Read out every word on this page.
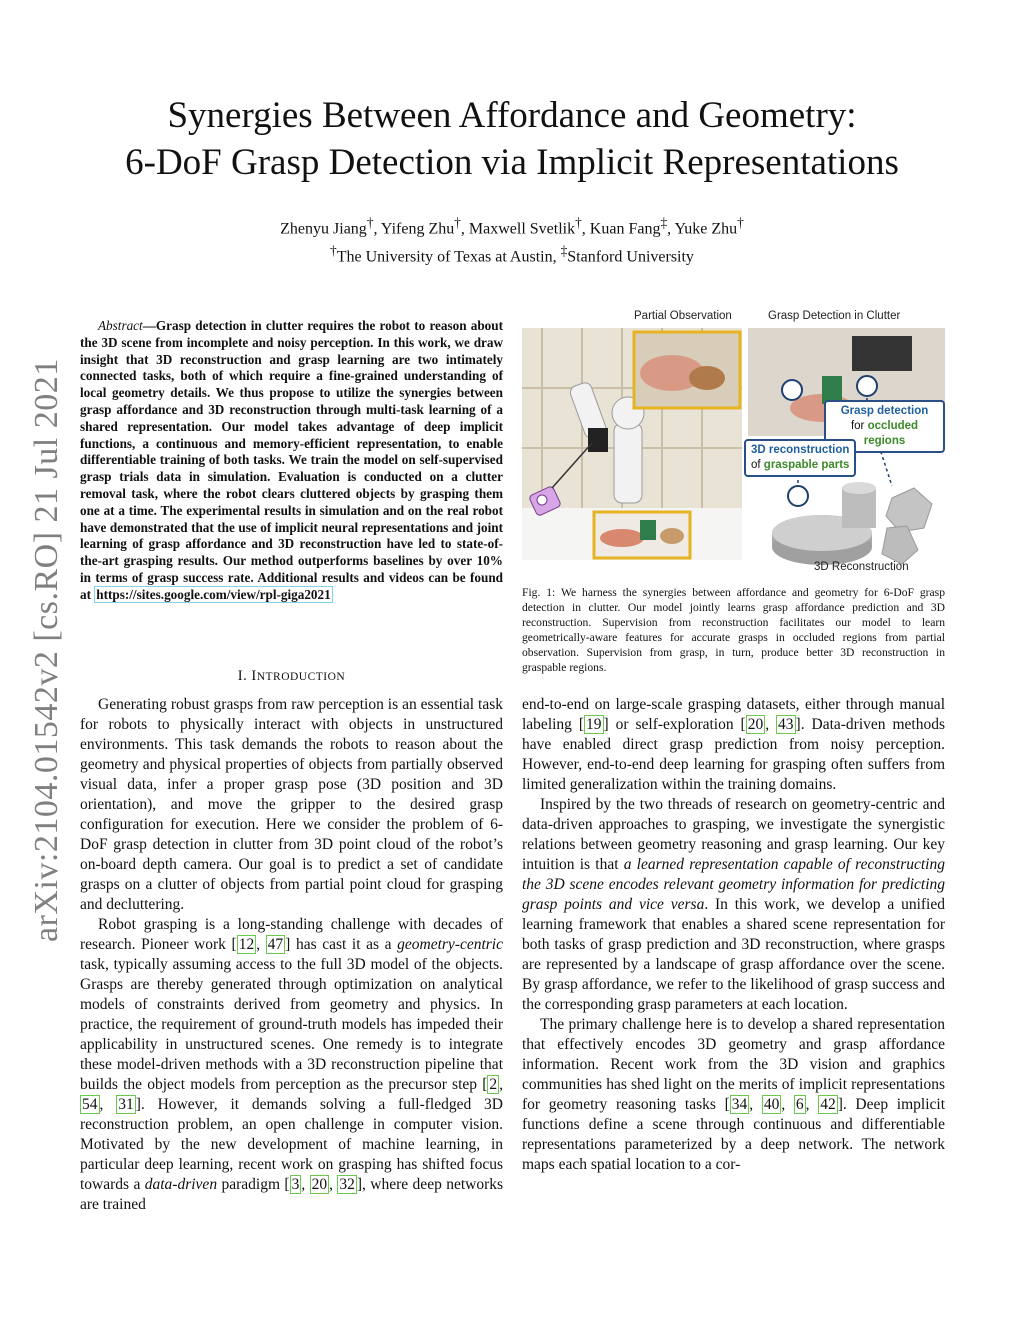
Synergies Between Affordance and Geometry:
6-DoF Grasp Detection via Implicit Representations
Zhenyu Jiang†, Yifeng Zhu†, Maxwell Svetlik†, Kuan Fang‡, Yuke Zhu†
†The University of Texas at Austin, ‡Stanford University
arXiv:2104.01542v2 [cs.RO] 21 Jul 2021
Abstract—Grasp detection in clutter requires the robot to reason about the 3D scene from incomplete and noisy perception. In this work, we draw insight that 3D reconstruction and grasp learning are two intimately connected tasks, both of which require a fine-grained understanding of local geometry details. We thus propose to utilize the synergies between grasp affordance and 3D reconstruction through multi-task learning of a shared representation. Our model takes advantage of deep implicit functions, a continuous and memory-efficient representation, to enable differentiable training of both tasks. We train the model on self-supervised grasp trials data in simulation. Evaluation is conducted on a clutter removal task, where the robot clears cluttered objects by grasping them one at a time. The experimental results in simulation and on the real robot have demonstrated that the use of implicit neural representations and joint learning of grasp affordance and 3D reconstruction have led to state-of-the-art grasping results. Our method outperforms baselines by over 10% in terms of grasp success rate. Additional results and videos can be found at https://sites.google.com/view/rpl-giga2021
I. INTRODUCTION

Generating robust grasps from raw perception is an essential task for robots to physically interact with objects in unstructured environments. This task demands the robots to reason about the geometry and physical properties of objects from partially observed visual data, infer a proper grasp pose (3D position and 3D orientation), and move the gripper to the desired grasp configuration for execution. Here we consider the problem of 6-DoF grasp detection in clutter from 3D point cloud of the robot’s on-board depth camera. Our goal is to predict a set of candidate grasps on a clutter of objects from partial point cloud for grasping and decluttering.

Robot grasping is a long-standing challenge with decades of research. Pioneer work [ 12 , 47 ] has cast it as a geometry-centric task, typically assuming access to the full 3D model of the objects. Grasps are thereby generated through optimization on analytical models of constraints derived from geometry and physics. In practice, the requirement of ground-truth models has impeded their applicability in unstructured scenes. One remedy is to integrate these model-driven methods with a 3D reconstruction pipeline that builds the object models from perception as the precursor step [ 2 , 54 , 31 ]. However, it demands solving a full-fledged 3D reconstruction problem, an open challenge in computer vision. Motivated by the new development of machine learning, in particular deep learning, recent work on grasping has shifted focus towards a data-driven paradigm [ 3 , 20 , 32 ], where deep networks are trained

Partial Observation	Grasp Detection in Clutter
Grasp detection
for occluded regions
3D reconstruction
of graspable parts
3D Reconstruction
Fig. 1: We harness the synergies between affordance and geometry for 6-DoF grasp detection in clutter. Our model jointly learns grasp affordance prediction and 3D reconstruction. Supervision from reconstruction facilitates our model to learn geometrically-aware features for accurate grasps in occluded regions from partial observation. Supervision from grasp, in turn, produce better 3D reconstruction in graspable regions.

end-to-end on large-scale grasping datasets, either through manual labeling [ 19 ] or self-exploration [ 20 , 43 ]. Data-driven methods have enabled direct grasp prediction from noisy perception. However, end-to-end deep learning for grasping often suffers from limited generalization within the training domains.

Inspired by the two threads of research on geometry-centric and data-driven approaches to grasping, we investigate the synergistic relations between geometry reasoning and grasp learning. Our key intuition is that a learned representation capable of reconstructing the 3D scene encodes relevant geometry information for predicting grasp points and vice versa. In this work, we develop a unified learning framework that enables a shared scene representation for both tasks of grasp prediction and 3D reconstruction, where grasps are represented by a landscape of grasp affordance over the scene. By grasp affordance, we refer to the likelihood of grasp success and the corresponding grasp parameters at each location.

The primary challenge here is to develop a shared representation that effectively encodes 3D geometry and grasp affordance information. Recent work from the 3D vision and graphics communities has shed light on the merits of implicit representations for geometry reasoning tasks [ 34 , 40 , 6 , 42 ]. Deep implicit functions define a scene through continuous and differentiable representations parameterized by a deep network. The network maps each spatial location to a cor-
